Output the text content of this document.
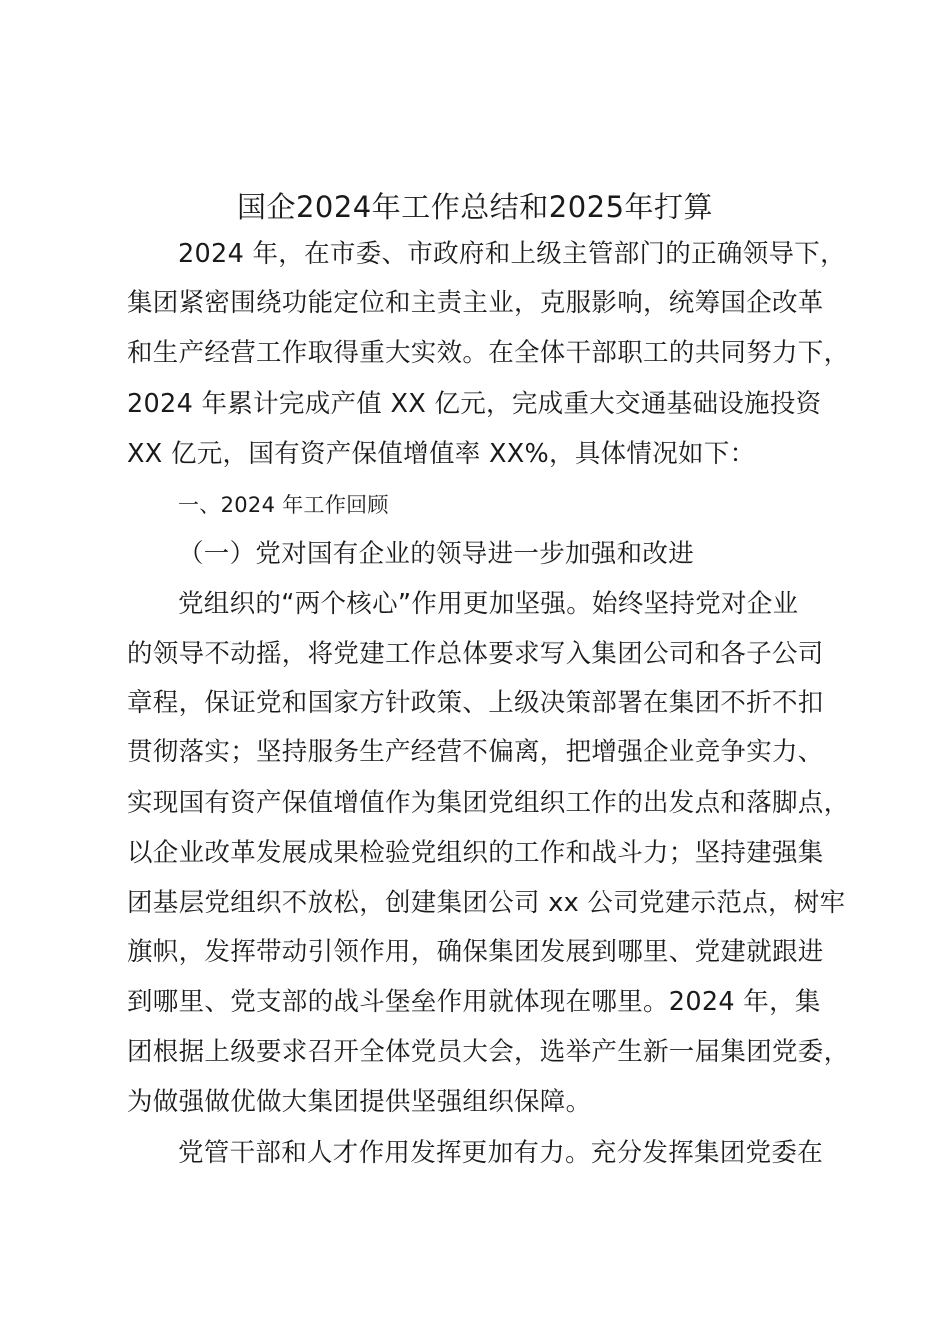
国企2024年工作总结和2025年打算
2024 年，在市委、市政府和上级主管部门的正确领导下，
集团紧密围绕功能定位和主责主业，克服影响，统筹国企改革
和生产经营工作取得重大实效。在全体干部职工的共同努力下，
2024 年累计完成产值 XX 亿元，完成重大交通基础设施投资
XX 亿元，国有资产保值增值率 XX%，具体情况如下：
一、2024 年工作回顾
（一）党对国有企业的领导进一步加强和改进
党组织的“两个核心”作用更加坚强。始终坚持党对企业
的领导不动摇，将党建工作总体要求写入集团公司和各子公司
章程，保证党和国家方针政策、上级决策部署在集团不折不扣
贯彻落实；坚持服务生产经营不偏离，把增强企业竞争实力、
实现国有资产保值增值作为集团党组织工作的出发点和落脚点，
以企业改革发展成果检验党组织的工作和战斗力；坚持建强集
团基层党组织不放松，创建集团公司 xx 公司党建示范点，树牢
旗帜，发挥带动引领作用，确保集团发展到哪里、党建就跟进
到哪里、党支部的战斗堡垒作用就体现在哪里。2024 年，集
团根据上级要求召开全体党员大会，选举产生新一届集团党委，
为做强做优做大集团提供坚强组织保障。
党管干部和人才作用发挥更加有力。充分发挥集团党委在
